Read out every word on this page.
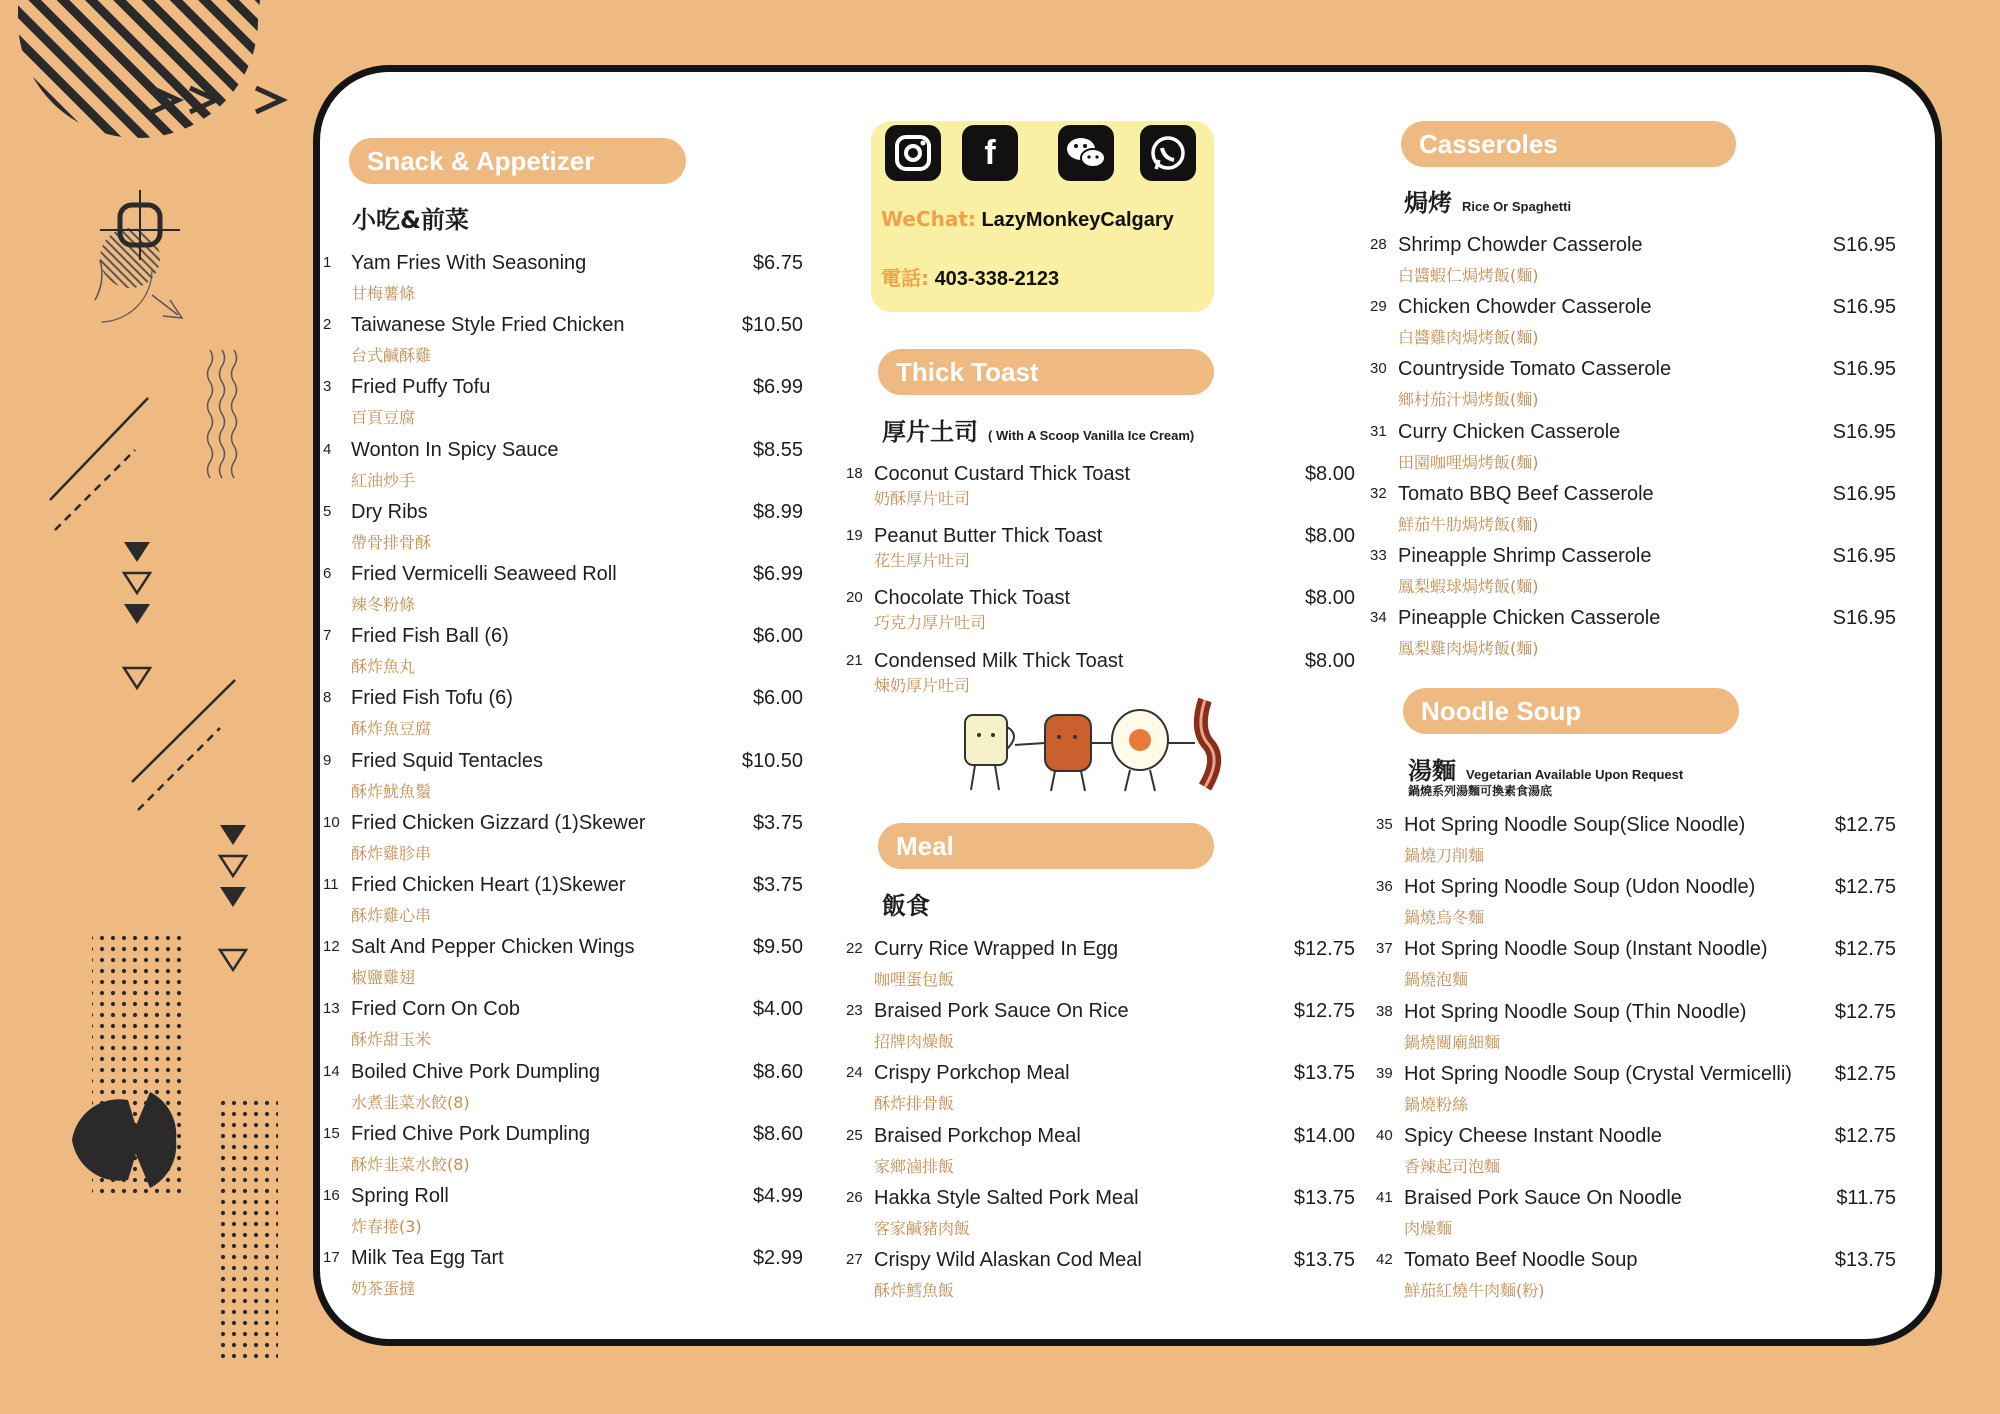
f
WeChat: LazyMonkeyCalgary
電話: 403-338-2123
Snack & Appetizer
小吃&前菜
Thick Toast
厚片土司 ( With A Scoop Vanilla Ice Cream)
Meal
飯食
Casseroles
焗烤 Rice Or Spaghetti
Noodle Soup
湯麵 Vegetarian Available Upon Request
鍋燒系列湯麵可換素食湯底
1 Yam Fries With Seasoning	$6.75
甘梅薯條
2 Taiwanese Style Fried Chicken	$10.50
台式鹹酥雞
3 Fried Puffy Tofu	$6.99
百頁豆腐
4 Wonton In Spicy Sauce	$8.55
紅油炒手
5 Dry Ribs	$8.99
帶骨排骨酥
6 Fried Vermicelli Seaweed Roll	$6.99
辣冬粉條
7 Fried Fish Ball (6)	$6.00
酥炸魚丸
8 Fried Fish Tofu (6)	$6.00
酥炸魚豆腐
9 Fried Squid Tentacles	$10.50
酥炸魷魚鬚
10 Fried Chicken Gizzard (1)Skewer	$3.75
酥炸雞胗串
11 Fried Chicken Heart (1)Skewer	$3.75
酥炸雞心串
12 Salt And Pepper Chicken Wings	$9.50
椒鹽雞翅
13 Fried Corn On Cob	$4.00
酥炸甜玉米
14 Boiled Chive Pork Dumpling	$8.60
水煮韭菜水餃(8)
15 Fried Chive Pork Dumpling	$8.60
酥炸韭菜水餃(8)
16 Spring Roll	$4.99
炸春捲(3)
17 Milk Tea Egg Tart	$2.99
奶茶蛋撻
18 Coconut Custard Thick Toast	$8.00
奶酥厚片吐司
19 Peanut Butter Thick Toast	$8.00
花生厚片吐司
20 Chocolate Thick Toast	$8.00
巧克力厚片吐司
21 Condensed Milk Thick Toast	$8.00
煉奶厚片吐司
22 Curry Rice Wrapped In Egg	$12.75
咖哩蛋包飯
23 Braised Pork Sauce On Rice	$12.75
招牌肉燥飯
24 Crispy Porkchop Meal	$13.75
酥炸排骨飯
25 Braised Porkchop Meal	$14.00
家鄉滷排飯
26 Hakka Style Salted Pork Meal	$13.75
客家鹹豬肉飯
27 Crispy Wild Alaskan Cod Meal	$13.75
酥炸鱈魚飯
28 Shrimp Chowder Casserole	S16.95
白醬蝦仁焗烤飯(麵)
29 Chicken Chowder Casserole	S16.95
白醬雞肉焗烤飯(麵)
30 Countryside Tomato Casserole	S16.95
鄉村茄汁焗烤飯(麵)
31 Curry Chicken Casserole	S16.95
田園咖哩焗烤飯(麵)
32 Tomato BBQ Beef Casserole	S16.95
鮮茄牛肋焗烤飯(麵)
33 Pineapple Shrimp Casserole	S16.95
鳳梨蝦球焗烤飯(麵)
34 Pineapple Chicken Casserole	S16.95
鳳梨雞肉焗烤飯(麵)
35 Hot Spring Noodle Soup(Slice Noodle)	$12.75
鍋燒刀削麵
36 Hot Spring Noodle Soup (Udon Noodle)	$12.75
鍋燒烏冬麵
37 Hot Spring Noodle Soup (Instant Noodle)	$12.75
鍋燒泡麵
38 Hot Spring Noodle Soup (Thin Noodle)	$12.75
鍋燒關廟細麵
39 Hot Spring Noodle Soup (Crystal Vermicelli) $12.75
鍋燒粉絲
40 Spicy Cheese Instant Noodle	$12.75
香辣起司泡麵
41 Braised Pork Sauce On Noodle	$11.75
肉燥麵
42 Tomato Beef Noodle Soup	$13.75
鮮茄紅燒牛肉麵(粉)
